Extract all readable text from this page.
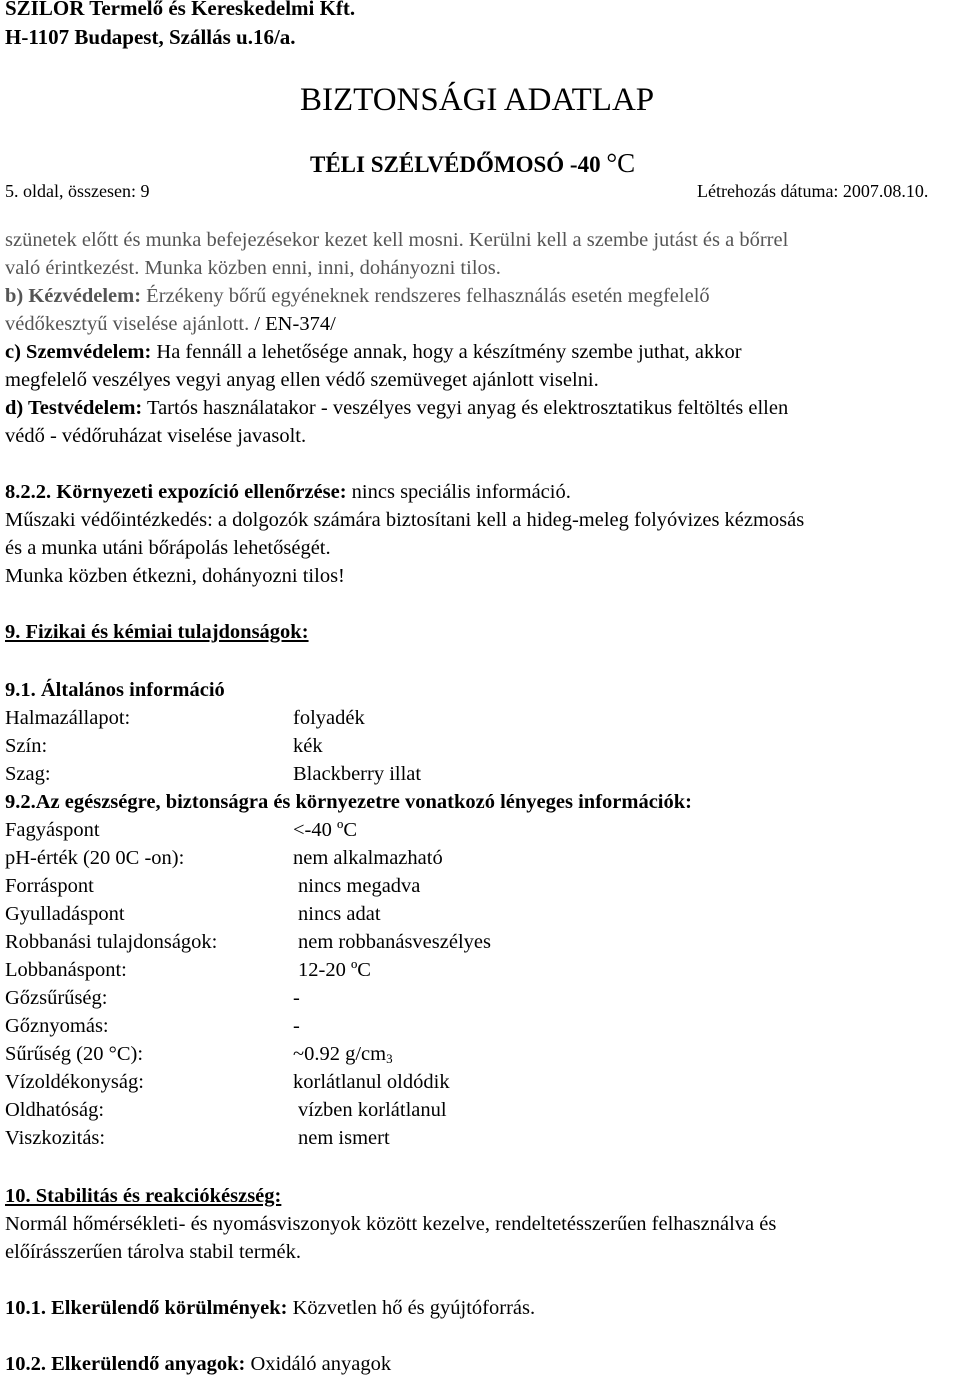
SZILOR Termelő és Kereskedelmi Kft.
H-1107 Budapest, Szállás u.16/a.
BIZTONSÁGI ADATLAP
TÉLI SZÉLVÉDŐMOSÓ -40 °C
5. oldal, összesen: 9	Létrehozás dátuma: 2007.08.10.
szünetek előtt és munka befejezésekor kezet kell mosni. Kerülni kell a szembe jutást és a bőrrel
való érintkezést. Munka közben enni, inni, dohányozni tilos.
b) Kézvédelem: Érzékeny bőrű egyéneknek rendszeres felhasználás esetén megfelelő
védőkesztyű viselése ajánlott. / EN-374/
c) Szemvédelem: Ha fennáll a lehetősége annak, hogy a készítmény szembe juthat, akkor
megfelelő veszélyes vegyi anyag ellen védő szemüveget ajánlott viselni.
d) Testvédelem: Tartós használatakor - veszélyes vegyi anyag és elektrosztatikus feltöltés ellen
védő - védőruházat viselése javasolt.
8.2.2. Környezeti expozíció ellenőrzése: nincs speciális információ.
Műszaki védőintézkedés: a dolgozók számára biztosítani kell a hideg-meleg folyóvizes kézmosás
és a munka utáni bőrápolás lehetőségét.
Munka közben étkezni, dohányozni tilos!
9. Fizikai és kémiai tulajdonságok:
9.1. Általános információ
Halmazállapot:	folyadék
Szín:	kék
Szag:	Blackberry illat
9.2.Az egészségre, biztonságra és környezetre vonatkozó lényeges információk:
Fagyáspont	<-40 ºC
pH-érték (20 0C -on):	nem alkalmazható
Forráspont	nincs megadva
Gyulladáspont	nincs adat
Robbanási tulajdonságok:	nem robbanásveszélyes
Lobbanáspont:	12-20 ºC
Gőzsűrűség:	-
Gőznyomás:	-
Sűrűség (20 °C):	~0.92 $g/cm_3$
Vízoldékonyság:	korlátlanul oldódik
Oldhatóság:	vízben korlátlanul
Viszkozitás:	nem ismert
10. Stabilitás és reakciókészség:
Normál hőmérsékleti- és nyomásviszonyok között kezelve, rendeltetésszerűen felhasználva és
előírásszerűen tárolva stabil termék.
10.1. Elkerülendő körülmények: Közvetlen hő és gyújtóforrás.
10.2. Elkerülendő anyagok: Oxidáló anyagok
